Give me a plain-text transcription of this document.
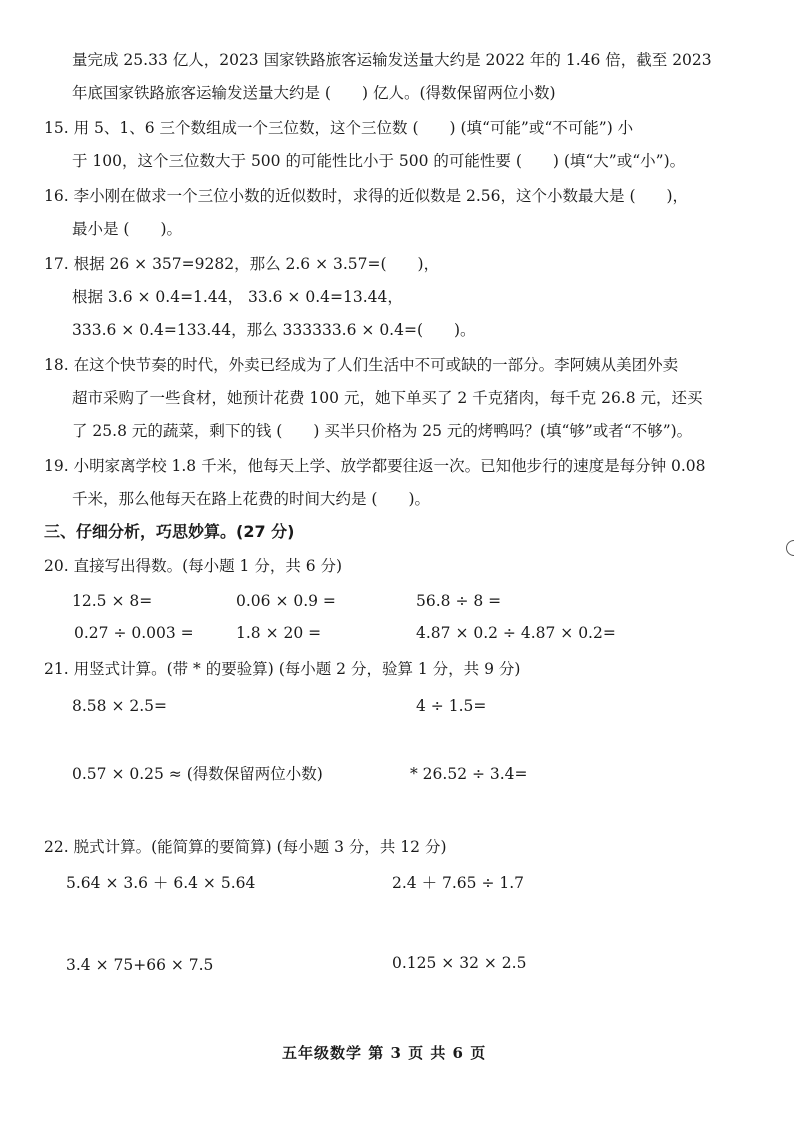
量完成 25.33 亿人，2023 国家铁路旅客运输发送量大约是 2022 年的 1.46 倍，截至 2023
年底国家铁路旅客运输发送量大约是 (　　) 亿人。(得数保留两位小数)
15. 用 5、1、6 三个数组成一个三位数，这个三位数 (　　) (填“可能”或“不可能”) 小
于 100，这个三位数大于 500 的可能性比小于 500 的可能性要 (　　) (填“大”或“小”)。
16. 李小刚在做求一个三位小数的近似数时，求得的近似数是 2.56，这个小数最大是 (　　)，
最小是 (　　)。
17. 根据 26 × 357=9282，那么 2.6 × 3.57=(　　)，
根据 3.6 × 0.4=1.44， 33.6 × 0.4=13.44，
333.6 × 0.4=133.44，那么 333333.6 × 0.4=(　　)。
18. 在这个快节奏的时代，外卖已经成为了人们生活中不可或缺的一部分。李阿姨从美团外卖
超市采购了一些食材，她预计花费 100 元，她下单买了 2 千克猪肉，每千克 26.8 元，还买
了 25.8 元的蔬菜，剩下的钱 (　　) 买半只价格为 25 元的烤鸭吗？(填“够”或者“不够”)。
19. 小明家离学校 1.8 千米，他每天上学、放学都要往返一次。已知他步行的速度是每分钟 0.08
千米，那么他每天在路上花费的时间大约是 (　　)。
三、仔细分析，巧思妙算。(27 分)
20. 直接写出得数。(每小题 1 分，共 6 分)
12.5 × 8=	0.06 × 0.9 =	56.8 ÷ 8 =
0.27 ÷ 0.003 =	1.8 × 20 =	4.87 × 0.2 ÷ 4.87 × 0.2=
21. 用竖式计算。(带 * 的要验算) (每小题 2 分，验算 1 分，共 9 分)
8.58 × 2.5=	4 ÷ 1.5=
0.57 × 0.25 ≈ (得数保留两位小数)	* 26.52 ÷ 3.4=
22. 脱式计算。(能简算的要简算) (每小题 3 分，共 12 分)
5.64 × 3.6 ＋ 6.4 × 5.64	2.4 ＋ 7.65 ÷ 1.7
3.4 × 75+66 × 7.5	0.125 × 32 × 2.5
五年级数学 第 3 页 共 6 页
